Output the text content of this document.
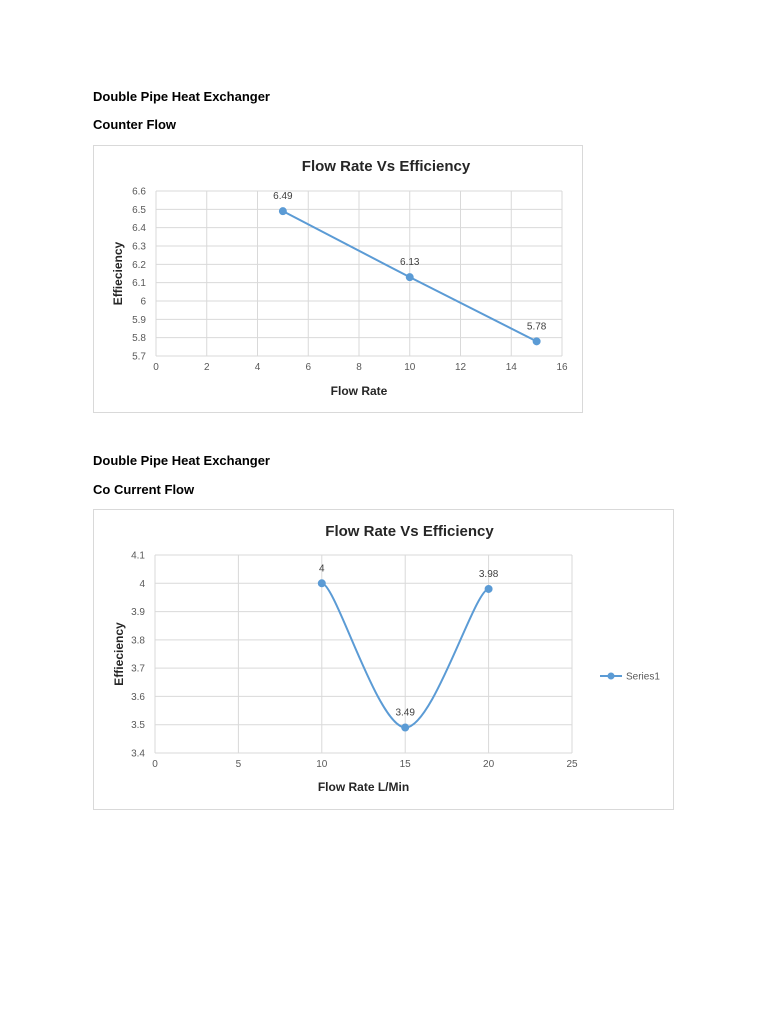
Double Pipe Heat Exchanger
Counter Flow
5.7
5.8
5.9
6
6.1
6.2
6.3
6.4
6.5
6.6
0	2	4	6	8	10	12	14	16
Flow Rate Vs Efficiency
Flow Rate
Effieciency
6.49
6.13
5.78
Double Pipe Heat Exchanger
Co Current Flow
3.4
3.5
3.6
3.7
3.8
3.9
4
4.1
0	5	10	15	20	25
Flow Rate Vs Efficiency
Flow Rate L/Min
Effieciency
4
3.49
3.98
Series1
